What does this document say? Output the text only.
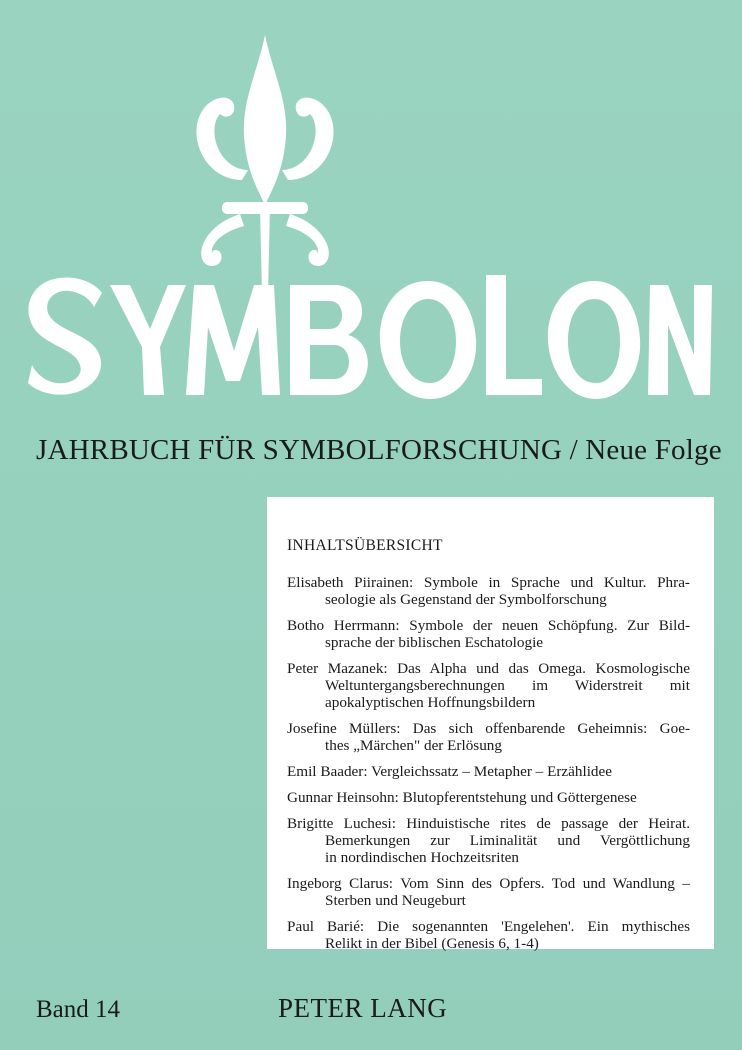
JAHRBUCH FÜR SYMBOLFORSCHUNG / Neue Folge
INHALTSÜBERSICHT
Elisabeth Piirainen: Symbole in Sprache und Kultur. Phra-
seologie als Gegenstand der Symbolforschung
Botho Herrmann: Symbole der neuen Schöpfung. Zur Bild-
sprache der biblischen Eschatologie
Peter Mazanek: Das Alpha und das Omega. Kosmologische
Weltuntergangsberechnungen im Widerstreit mit
apokalyptischen Hoffnungsbildern
Josefine Müllers: Das sich offenbarende Geheimnis: Goe-
thes „Märchen" der Erlösung
Emil Baader: Vergleichssatz – Metapher – Erzählidee
Gunnar Heinsohn: Blutopferentstehung und Göttergenese
Brigitte Luchesi: Hinduistische rites de passage der Heirat.
Bemerkungen zur Liminalität und Vergöttlichung
in nordindischen Hochzeitsriten
Ingeborg Clarus: Vom Sinn des Opfers. Tod und Wandlung –
Sterben und Neugeburt
Paul Barié: Die sogenannten 'Engelehen'. Ein mythisches
Relikt in der Bibel (Genesis 6, 1-4)
Band 14	PETER LANG
